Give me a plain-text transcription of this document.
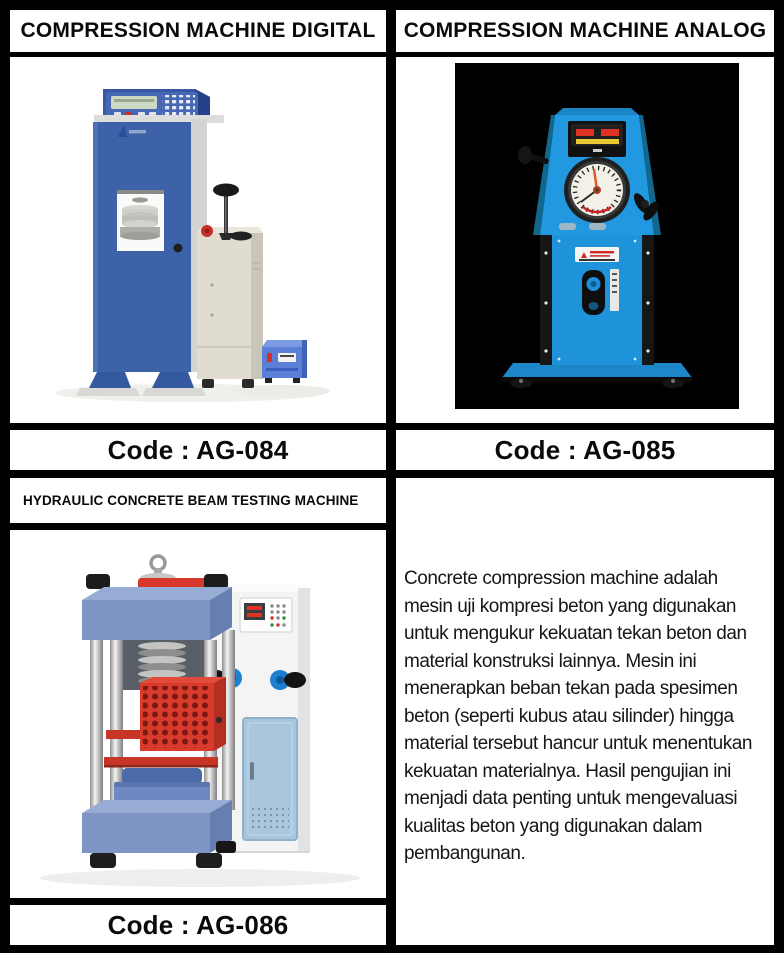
COMPRESSION MACHINE DIGITAL	COMPRESSION MACHINE ANALOG
Code : AG-084	Code : AG-085
HYDRAULIC CONCRETE BEAM TESTING MACHINE
Concrete compression machine adalah mesin uji kompresi beton yang digunakan untuk mengukur kekuatan tekan beton dan material konstruksi lainnya. Mesin ini menerapkan beban tekan pada spesimen beton (seperti kubus atau silinder) hingga material tersebut hancur untuk menentukan kekuatan materialnya. Hasil pengujian ini menjadi data penting untuk mengevaluasi kualitas beton yang digunakan dalam pembangunan.
Code : AG-086
